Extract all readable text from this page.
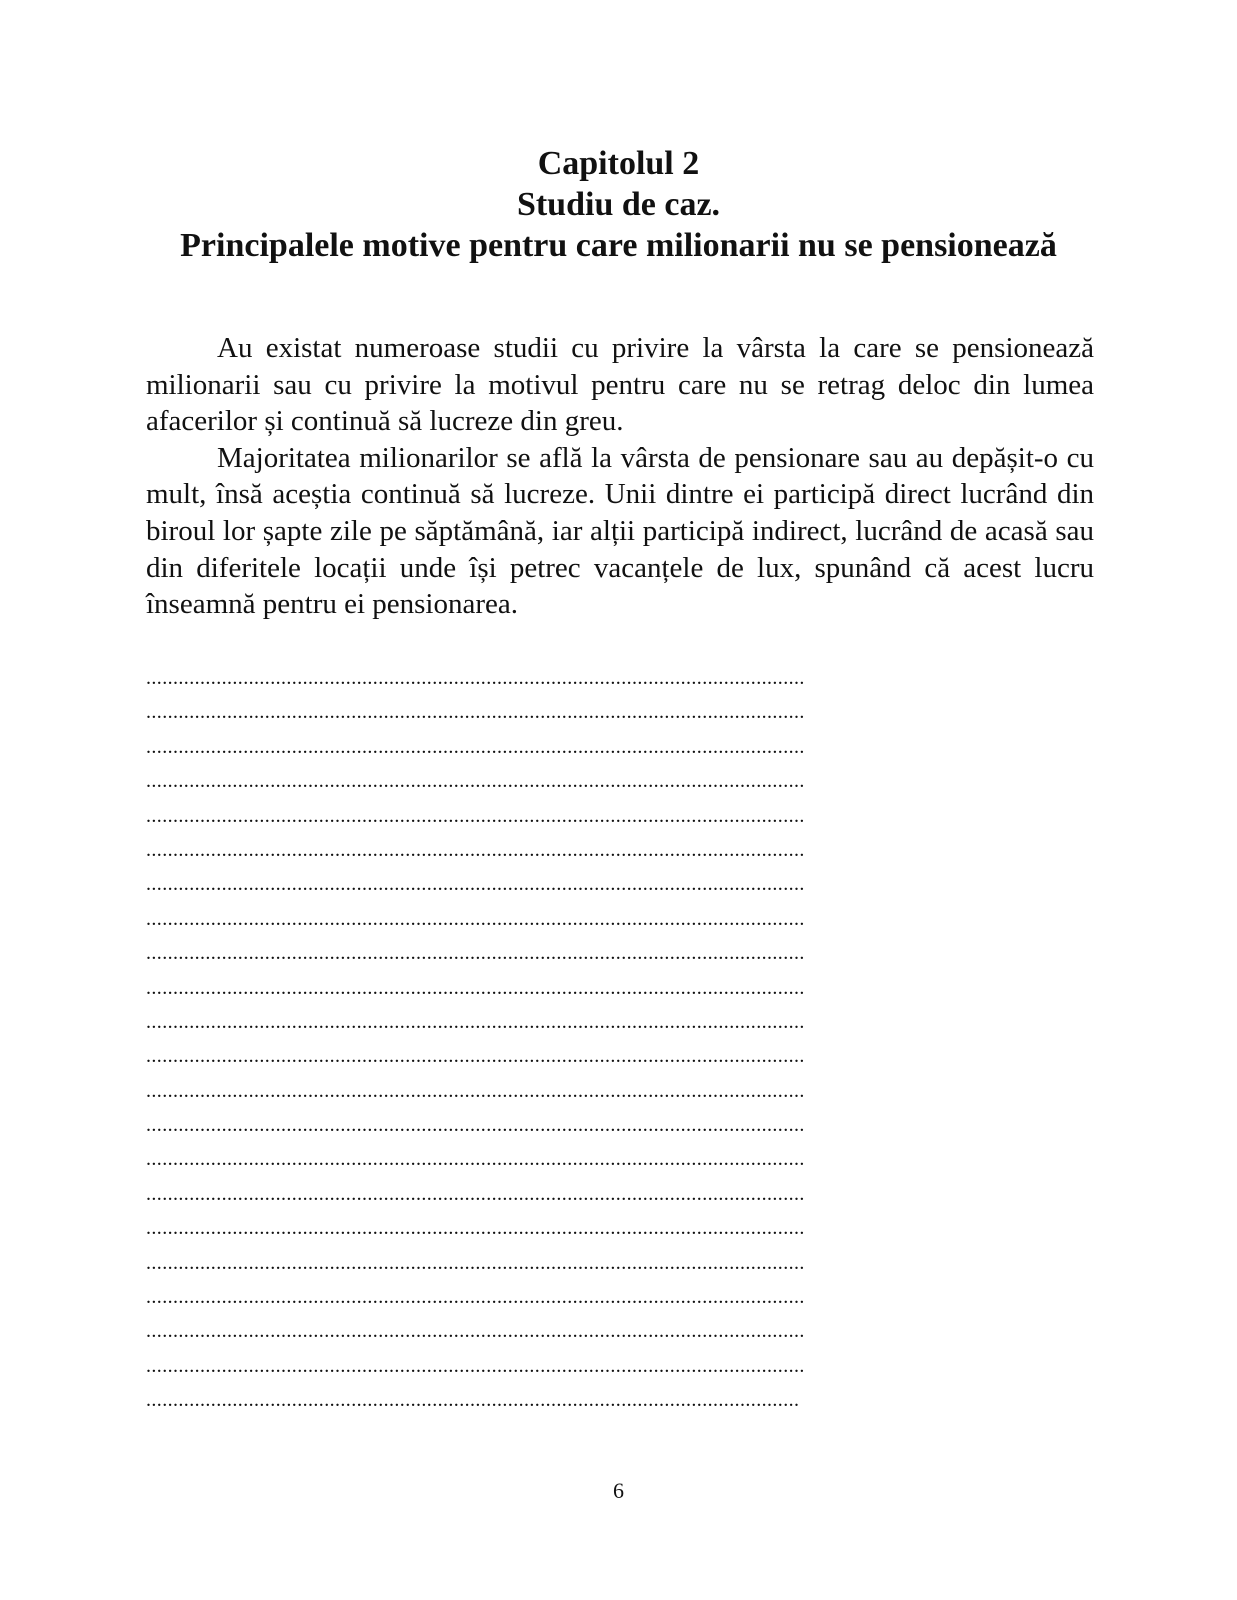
Capitolul 2
Studiu de caz.
Principalele motive pentru care milionarii nu se pensionează

Au existat numeroase studii cu privire la vârsta la care se pensionează milionarii sau cu privire la motivul pentru care nu se retrag deloc din lumea afacerilor și continuă să lucreze din greu.

Majoritatea milionarilor se află la vârsta de pensionare sau au depășit-o cu mult, însă aceștia continuă să lucreze. Unii dintre ei participă direct lucrând din biroul lor șapte zile pe săptămână, iar alții participă indirect, lucrând de acasă sau din diferitele locații unde își petrec vacanțele de lux, spunând că acest lucru înseamnă pentru ei pensionarea.

..........................................................................................................................
..........................................................................................................................
..........................................................................................................................
..........................................................................................................................
..........................................................................................................................
..........................................................................................................................
..........................................................................................................................
..........................................................................................................................
..........................................................................................................................
..........................................................................................................................
..........................................................................................................................
..........................................................................................................................
..........................................................................................................................
..........................................................................................................................
..........................................................................................................................
..........................................................................................................................
..........................................................................................................................
..........................................................................................................................
..........................................................................................................................
..........................................................................................................................
..........................................................................................................................
.........................................................................................................................
6
